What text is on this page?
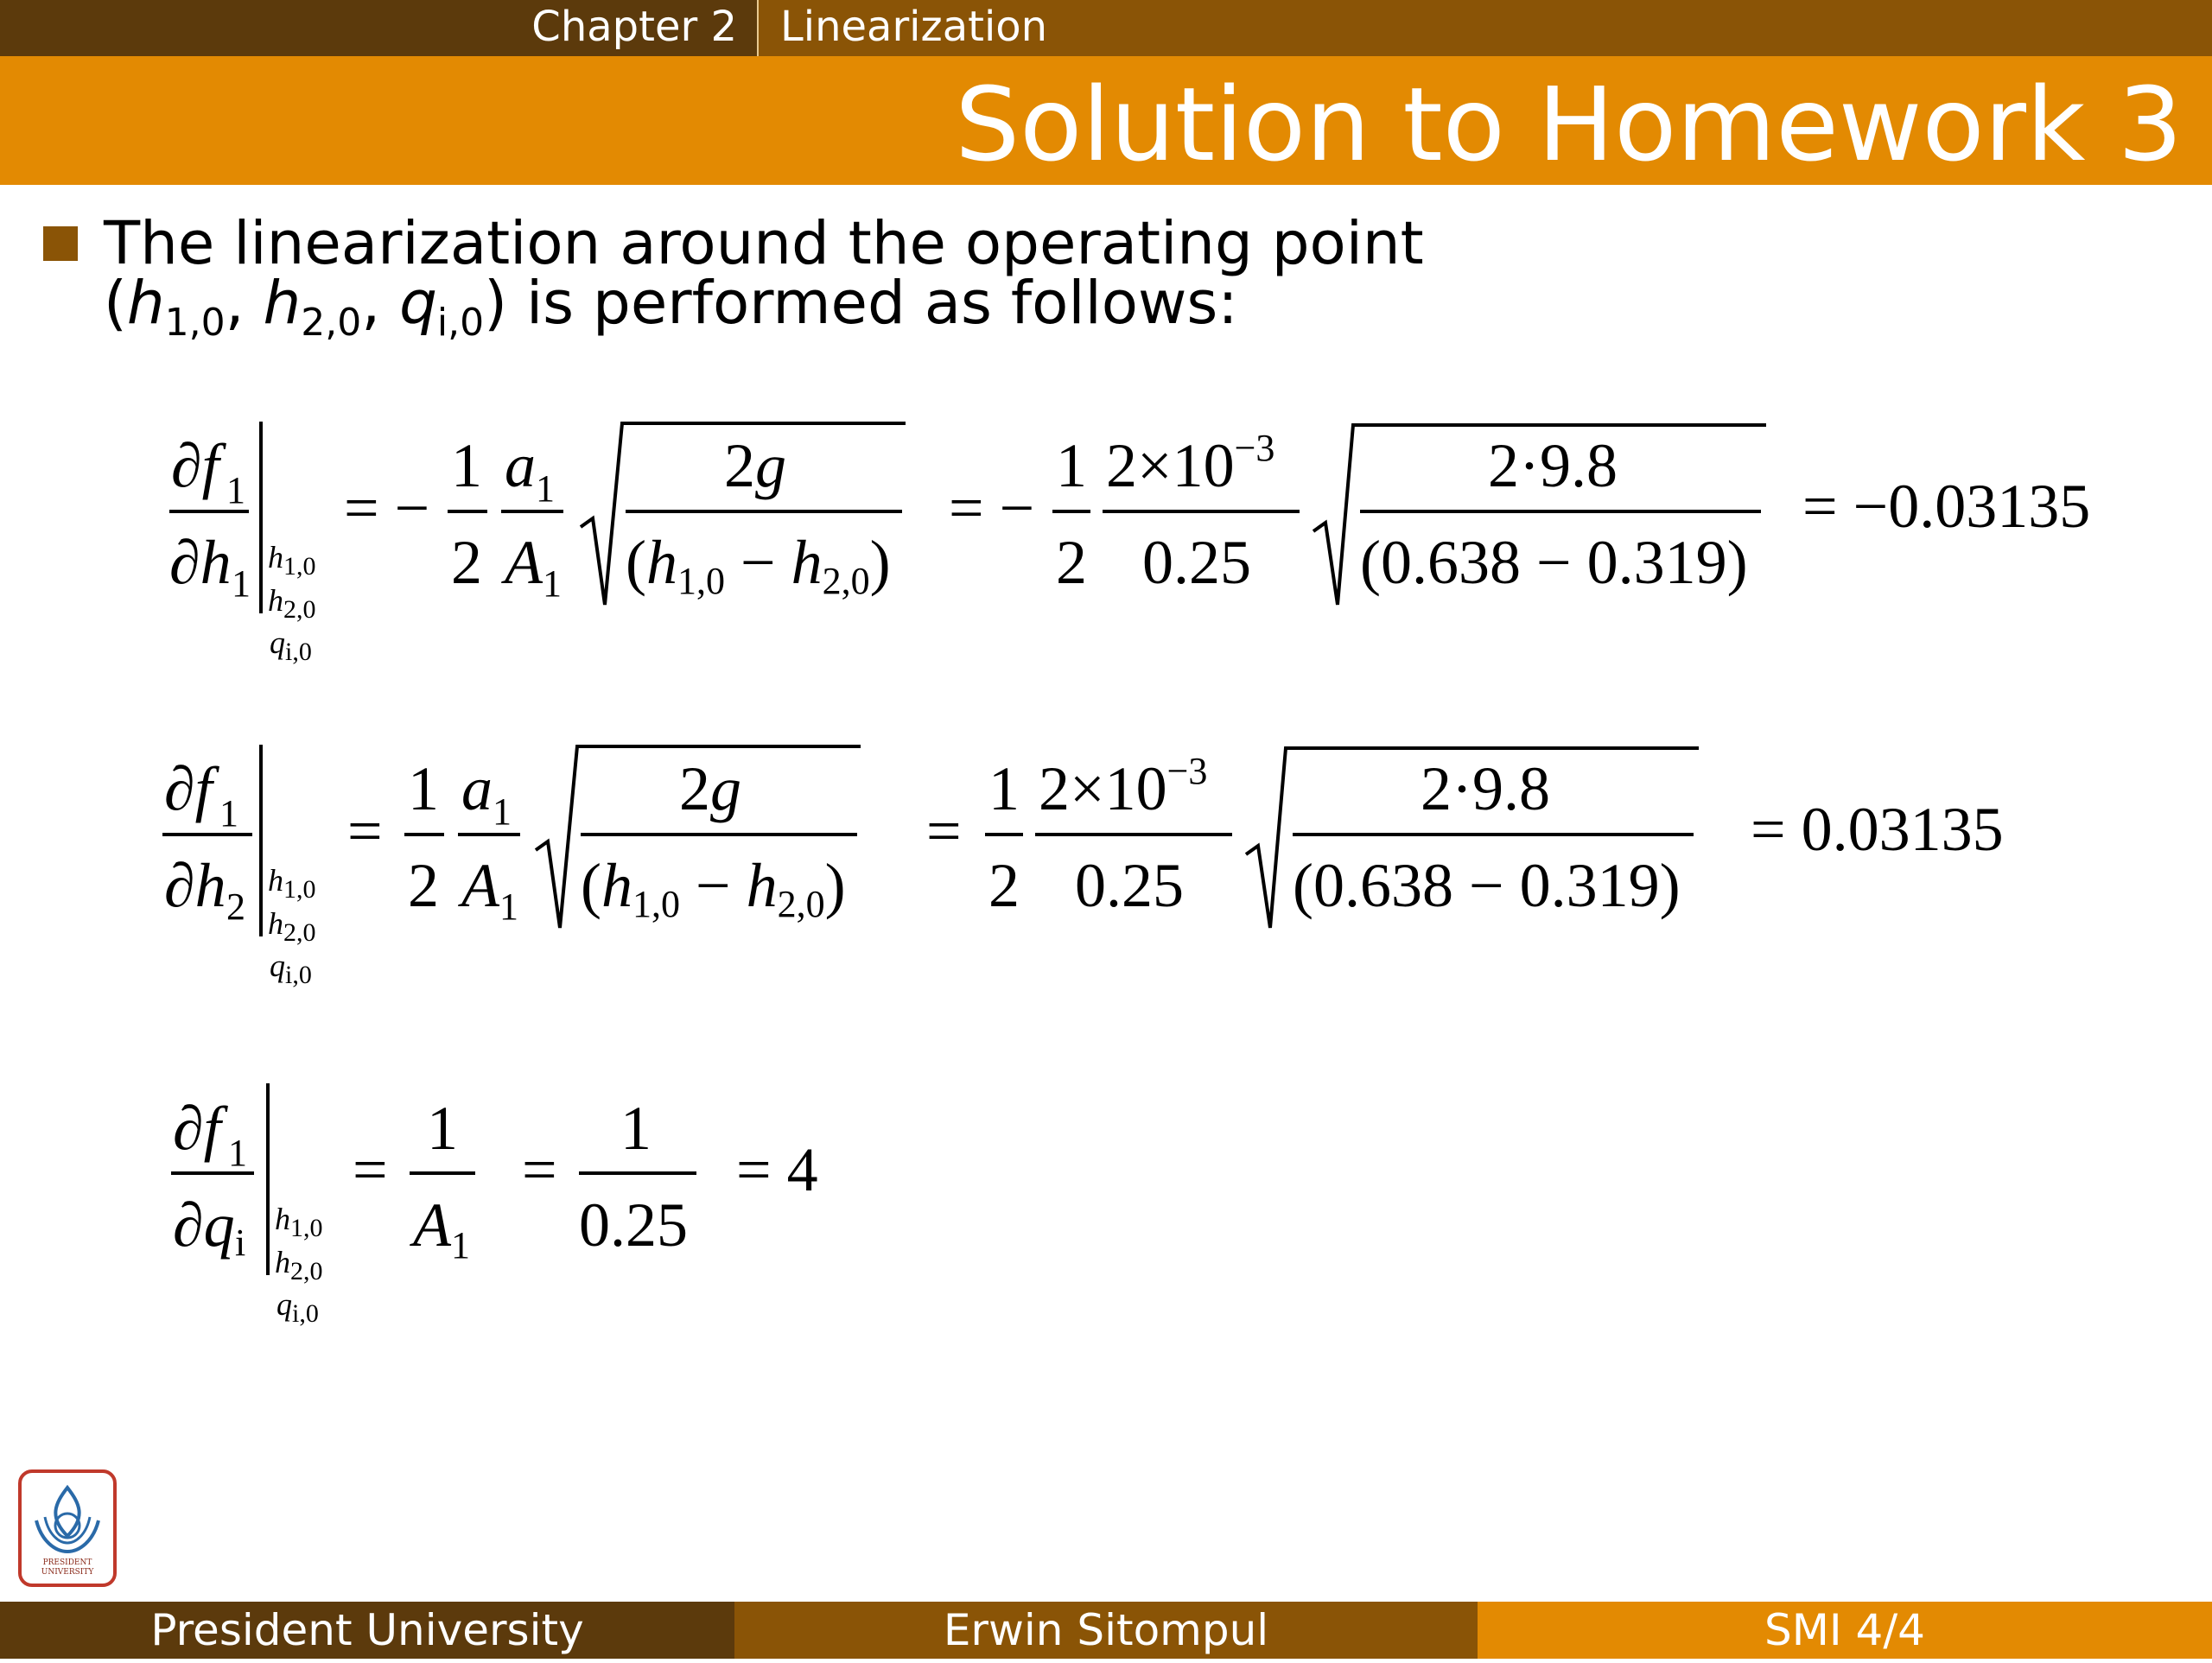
Chapter 2 Linearization
Solution to Homework 3
The linearization around the operating point
($h_{1,0}$, $h_{2,0}$, $q_{i,0}$) is performed as follows:
∂f 1
∂h 1
$h_{1,0}$
$h_{2,0}$
$q_{i,0}$
= −
1
2
a 1
A 1
2g
(h1,0 − h2,0)
= −
1
2
$2\times 10^{-3}$
0.25
2·9.8
(0.638 − 0.319)
∂f 1
∂h 2
$h_{1,0}$
$h_{2,0}$
$q_{i,0}$
=
1
2
a 1
A 1
2g
(h1,0 − h2,0)
=
1
2
$2\times 10^{-3}$
0.25
2·9.8
(0.638 − 0.319)
∂f 1
∂q i
$h_{1,0}$
$h_{2,0}$
$q_{i,0}$
=
1
A 1
=
1
0.25
= −0.03135
= 0.03135
= 4
PRESIDENT UNIVERSITY
President University	Erwin Sitompul	SMI 4/4
